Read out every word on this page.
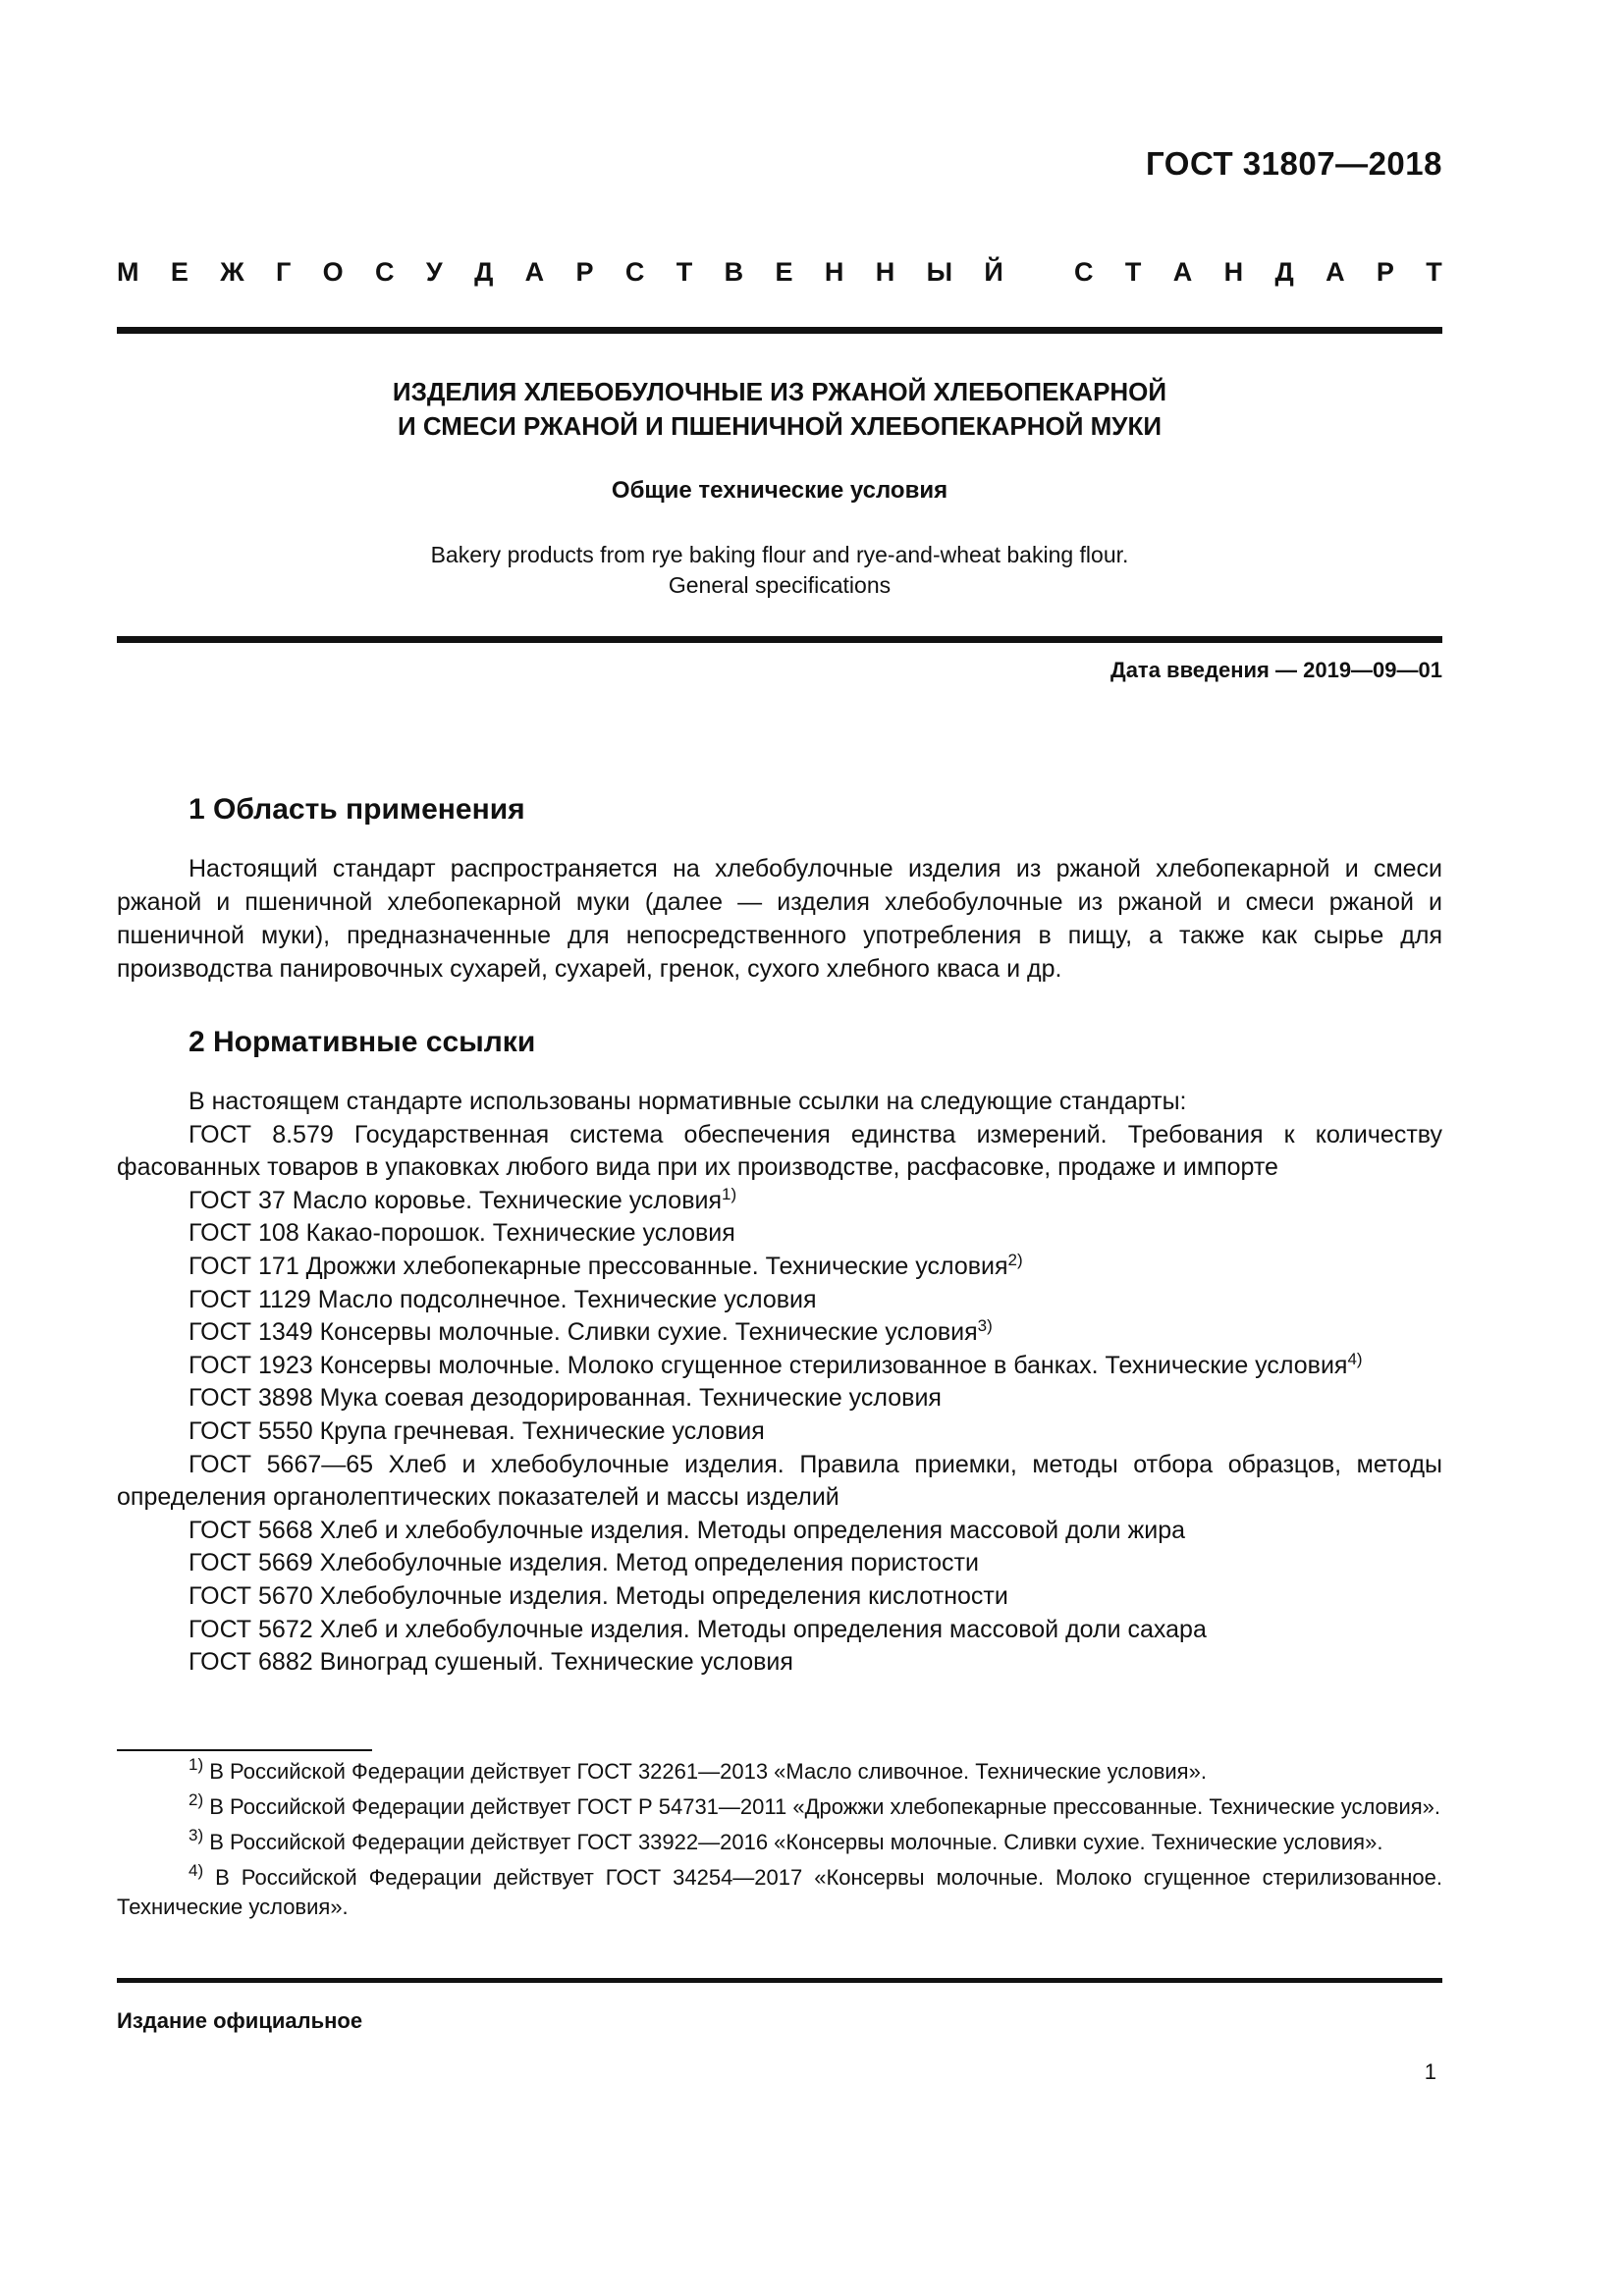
ГОСТ 31807—2018
М Е Ж Г О С У Д А Р С Т В Е Н Н Ы Й
	С Т А Н Д А Р Т
ИЗДЕЛИЯ ХЛЕБОБУЛОЧНЫЕ ИЗ РЖАНОЙ ХЛЕБОПЕКАРНОЙ
И СМЕСИ РЖАНОЙ И ПШЕНИЧНОЙ ХЛЕБОПЕКАРНОЙ МУКИ
Общие технические условия
Bakery products from rye baking flour and rye-and-wheat baking flour.
General specifications
Дата введения — 2019—09—01
1 Область применения
Настоящий стандарт распространяется на хлебобулочные изделия из ржаной хлебопекарной и смеси ржаной и пшеничной хлебопекарной муки (далее — изделия хлебобулочные из ржаной и смеси ржаной и пшеничной муки), предназначенные для непосредственного употребления в пищу, а также как сырье для производства панировочных сухарей, сухарей, гренок, сухого хлебного кваса и др.
2 Нормативные ссылки
В настоящем стандарте использованы нормативные ссылки на следующие стандарты:
ГОСТ 8.579 Государственная система обеспечения единства измерений. Требования к количеству фасованных товаров в упаковках любого вида при их производстве, расфасовке, продаже и импорте
ГОСТ 37 Масло коровье. Технические условия$^{1)}$
ГОСТ 108 Какао-порошок. Технические условия
ГОСТ 171 Дрожжи хлебопекарные прессованные. Технические условия$^{2)}$
ГОСТ 1129 Масло подсолнечное. Технические условия
ГОСТ 1349 Консервы молочные. Сливки сухие. Технические условия$^{3)}$
ГОСТ 1923 Консервы молочные. Молоко сгущенное стерилизованное в банках. Технические условия$^{4)}$
ГОСТ 3898 Мука соевая дезодорированная. Технические условия
ГОСТ 5550 Крупа гречневая. Технические условия
ГОСТ 5667—65 Хлеб и хлебобулочные изделия. Правила приемки, методы отбора образцов, методы определения органолептических показателей и массы изделий
ГОСТ 5668 Хлеб и хлебобулочные изделия. Методы определения массовой доли жира
ГОСТ 5669 Хлебобулочные изделия. Метод определения пористости
ГОСТ 5670 Хлебобулочные изделия. Методы определения кислотности
ГОСТ 5672 Хлеб и хлебобулочные изделия. Методы определения массовой доли сахара
ГОСТ 6882 Виноград сушеный. Технические условия
$^{1)}$ В Российской Федерации действует ГОСТ 32261—2013 «Масло сливочное. Технические условия».
$^{2)}$ В Российской Федерации действует ГОСТ Р 54731—2011 «Дрожжи хлебопекарные прессованные. Технические условия».
$^{3)}$ В Российской Федерации действует ГОСТ 33922—2016 «Консервы молочные. Сливки сухие. Технические условия».
$^{4)}$ В Российской Федерации действует ГОСТ 34254—2017 «Консервы молочные. Молоко сгущенное стерилизованное. Технические условия».
Издание официальное
1
